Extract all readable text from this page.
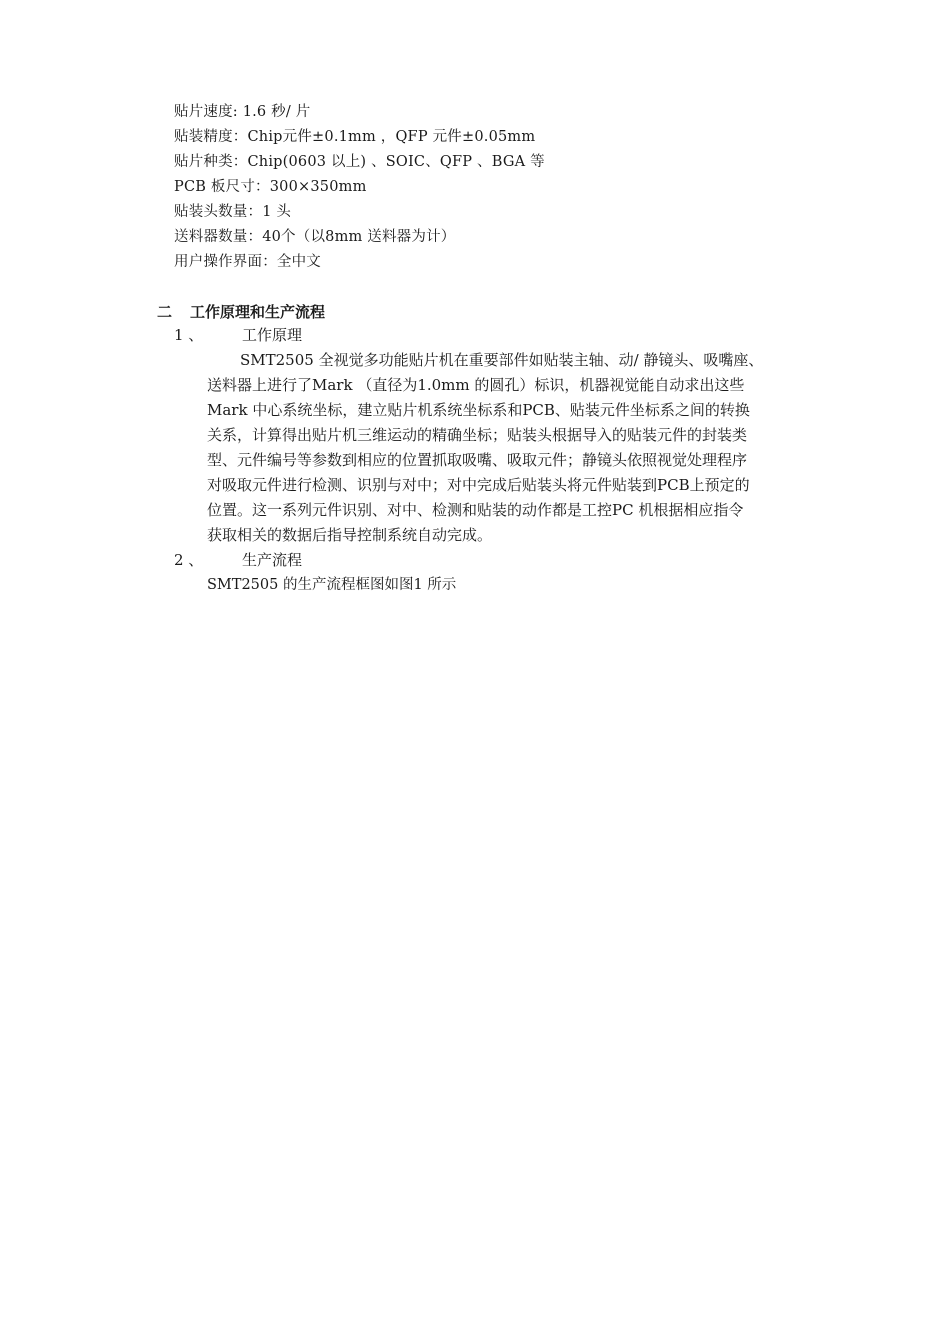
贴片速度: 1.6 秒/ 片
贴装精度：Chip元件±0.1mm ，QFP 元件±0.05mm
贴片种类：Chip(0603 以上) 、SOIC、QFP 、BGA 等
PCB 板尺寸：300×350mm
贴装头数量：1 头
送料器数量：40个（以8mm 送料器为计）
用户操作界面：全中文
二 工作原理和生产流程
1 、	工作原理
SMT2505 全视觉多功能贴片机在重要部件如贴装主轴、动/ 静镜头、吸嘴座、
送料器上进行了Mark （直径为1.0mm 的圆孔）标识，机器视觉能自动求出这些
Mark 中心系统坐标，建立贴片机系统坐标系和PCB、贴装元件坐标系之间的转换
关系，计算得出贴片机三维运动的精确坐标；贴装头根据导入的贴装元件的封装类
型、元件编号等参数到相应的位置抓取吸嘴、吸取元件；静镜头依照视觉处理程序
对吸取元件进行检测、识别与对中；对中完成后贴装头将元件贴装到PCB上预定的
位置。这一系列元件识别、对中、检测和贴装的动作都是工控PC 机根据相应指令
获取相关的数据后指导控制系统自动完成。
2 、	生产流程
SMT2505 的生产流程框图如图1 所示
